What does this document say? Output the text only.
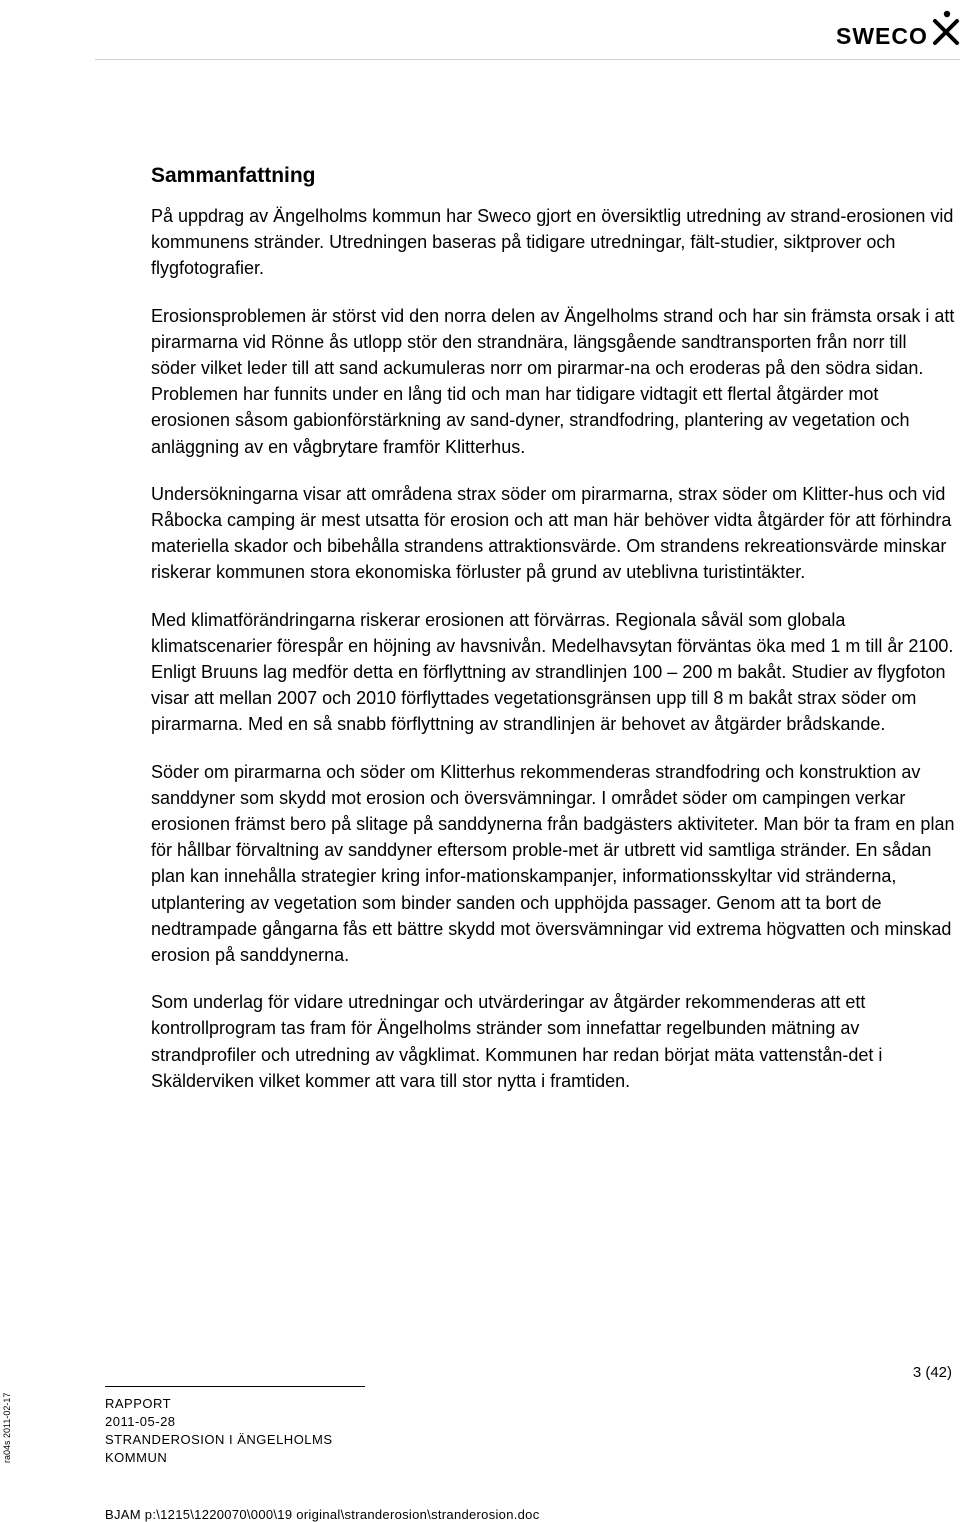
SWECO
Sammanfattning

På uppdrag av Ängelholms kommun har Sweco gjort en översiktlig utredning av strand-erosionen vid kommunens stränder. Utredningen baseras på tidigare utredningar, fält-studier, siktprover och flygfotografier.

Erosionsproblemen är störst vid den norra delen av Ängelholms strand och har sin främsta orsak i att pirarmarna vid Rönne ås utlopp stör den strandnära, längsgående sandtransporten från norr till söder vilket leder till att sand ackumuleras norr om pirarmar-na och eroderas på den södra sidan. Problemen har funnits under en lång tid och man har tidigare vidtagit ett flertal åtgärder mot erosionen såsom gabionförstärkning av sand-dyner, strandfodring, plantering av vegetation och anläggning av en vågbrytare framför Klitterhus.

Undersökningarna visar att områdena strax söder om pirarmarna, strax söder om Klitter-hus och vid Råbocka camping är mest utsatta för erosion och att man här behöver vidta åtgärder för att förhindra materiella skador och bibehålla strandens attraktionsvärde. Om strandens rekreationsvärde minskar riskerar kommunen stora ekonomiska förluster på grund av uteblivna turistintäkter.

Med klimatförändringarna riskerar erosionen att förvärras. Regionala såväl som globala klimatscenarier förespår en höjning av havsnivån. Medelhavsytan förväntas öka med 1 m till år 2100. Enligt Bruuns lag medför detta en förflyttning av strandlinjen 100 – 200 m bakåt. Studier av flygfoton visar att mellan 2007 och 2010 förflyttades vegetationsgränsen upp till 8 m bakåt strax söder om pirarmarna. Med en så snabb förflyttning av strandlinjen är behovet av åtgärder brådskande.

Söder om pirarmarna och söder om Klitterhus rekommenderas strandfodring och konstruktion av sanddyner som skydd mot erosion och översvämningar. I området söder om campingen verkar erosionen främst bero på slitage på sanddynerna från badgästers aktiviteter. Man bör ta fram en plan för hållbar förvaltning av sanddyner eftersom proble-met är utbrett vid samtliga stränder. En sådan plan kan innehålla strategier kring infor-mationskampanjer, informationsskyltar vid stränderna, utplantering av vegetation som binder sanden och upphöjda passager. Genom att ta bort de nedtrampade gångarna fås ett bättre skydd mot översvämningar vid extrema högvatten och minskad erosion på sanddynerna.

Som underlag för vidare utredningar och utvärderingar av åtgärder rekommenderas att ett kontrollprogram tas fram för Ängelholms stränder som innefattar regelbunden mätning av strandprofiler och utredning av vågklimat. Kommunen har redan börjat mäta vattenstån-det i Skälderviken vilket kommer att vara till stor nytta i framtiden.

ra04s 2011-02-17
3 (42)
RAPPORT
2011-05-28
STRANDEROSION I ÄNGELHOLMS
KOMMUN
BJAM p:\1215\1220070\000\19 original\stranderosion\stranderosion.doc
